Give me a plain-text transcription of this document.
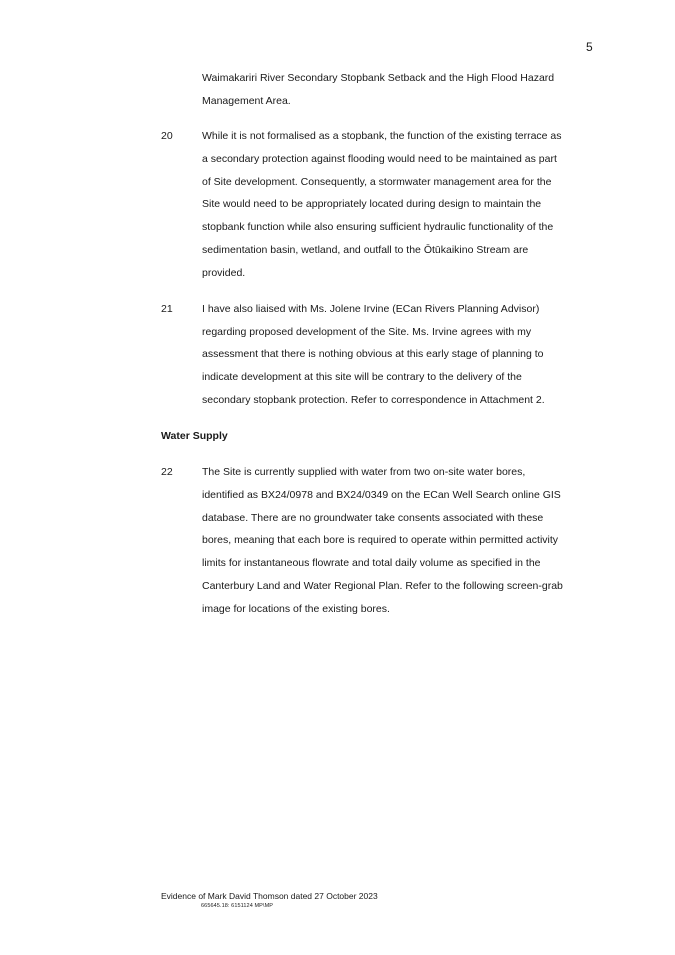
5
Waimakariri River Secondary Stopbank Setback and the High Flood Hazard
Management Area.
20	While it is not formalised as a stopbank, the function of the existing terrace as
a secondary protection against flooding would need to be maintained as part
of Site development. Consequently, a stormwater management area for the
Site would need to be appropriately located during design to maintain the
stopbank function while also ensuring sufficient hydraulic functionality of the
sedimentation basin, wetland, and outfall to the Ōtūkaikino Stream are
provided.
21	I have also liaised with Ms. Jolene Irvine (ECan Rivers Planning Advisor)
regarding proposed development of the Site. Ms. Irvine agrees with my
assessment that there is nothing obvious at this early stage of planning to
indicate development at this site will be contrary to the delivery of the
secondary stopbank protection. Refer to correspondence in Attachment 2.
Water Supply
22	The Site is currently supplied with water from two on-site water bores,
identified as BX24/0978 and BX24/0349 on the ECan Well Search online GIS
database. There are no groundwater take consents associated with these
bores, meaning that each bore is required to operate within permitted activity
limits for instantaneous flowrate and total daily volume as specified in the
Canterbury Land and Water Regional Plan. Refer to the following screen-grab
image for locations of the existing bores.
Evidence of Mark David Thomson dated 27 October 2023
665645.18: 6151124 MP\MP
